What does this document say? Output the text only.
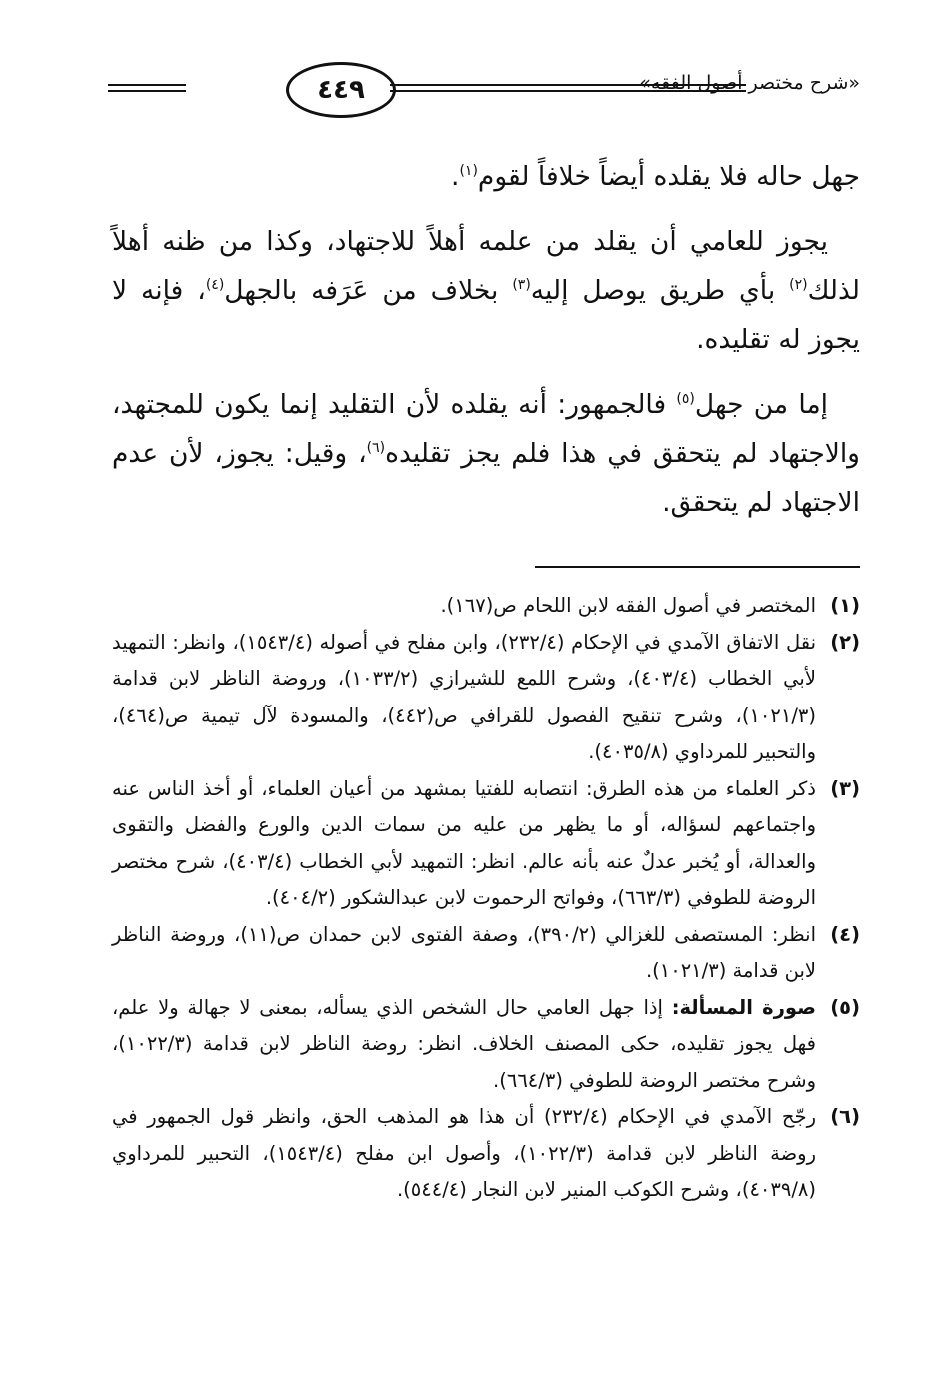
٤٤٩	«شرح مختصر أصول الفقه»

جهل حاله فلا يقلده أيضاً خلافاً لقوم$^{(١)}$.

يجوز للعامي أن يقلد من علمه أهلاً للاجتهاد، وكذا من ظنه أهلاً لذلك$^{(٢)}$ بأي طريق يوصل إليه$^{(٣)}$ بخلاف من عَرَفه بالجهل$^{(٤)}$، فإنه لا يجوز له تقليده.

إما من جهل$^{(٥)}$ فالجمهور: أنه يقلده لأن التقليد إنما يكون للمجتهد، والاجتهاد لم يتحقق في هذا فلم يجز تقليده$^{(٦)}$، وقيل: يجوز، لأن عدم الاجتهاد لم يتحقق.

(١)
المختصر في أصول الفقه لابن اللحام ص(١٦٧).
(٢)
نقل الاتفاق الآمدي في الإحكام (٢٣٢/٤)، وابن مفلح في أصوله (١٥٤٣/٤)، وانظر: التمهيد لأبي الخطاب (٤٠٣/٤)، وشرح اللمع للشيرازي (١٠٣٣/٢)، وروضة الناظر لابن قدامة (١٠٢١/٣)، وشرح تنقيح الفصول للقرافي ص(٤٤٢)، والمسودة لآل تيمية ص(٤٦٤)، والتحبير للمرداوي (٤٠٣٥/٨).
(٣)
ذكر العلماء من هذه الطرق: انتصابه للفتيا بمشهد من أعيان العلماء، أو أخذ الناس عنه واجتماعهم لسؤاله، أو ما يظهر من عليه من سمات الدين والورع والفضل والتقوى والعدالة، أو يُخبر عدلٌ عنه بأنه عالم. انظر: التمهيد لأبي الخطاب (٤٠٣/٤)، شرح مختصر الروضة للطوفي (٦٦٣/٣)، وفواتح الرحموت لابن عبدالشكور (٤٠٤/٢).
(٤)
انظر: المستصفى للغزالي (٣٩٠/٢)، وصفة الفتوى لابن حمدان ص(١١)، وروضة الناظر لابن قدامة (١٠٢١/٣).
(٥)
صورة المسألة: إذا جهل العامي حال الشخص الذي يسأله، بمعنى لا جهالة ولا علم، فهل يجوز تقليده، حكى المصنف الخلاف. انظر: روضة الناظر لابن قدامة (١٠٢٢/٣)، وشرح مختصر الروضة للطوفي (٦٦٤/٣).
(٦)
رجّح الآمدي في الإحكام (٢٣٢/٤) أن هذا هو المذهب الحق، وانظر قول الجمهور في روضة الناظر لابن قدامة (١٠٢٢/٣)، وأصول ابن مفلح (١٥٤٣/٤)، التحبير للمرداوي (٤٠٣٩/٨)، وشرح الكوكب المنير لابن النجار (٥٤٤/٤).
